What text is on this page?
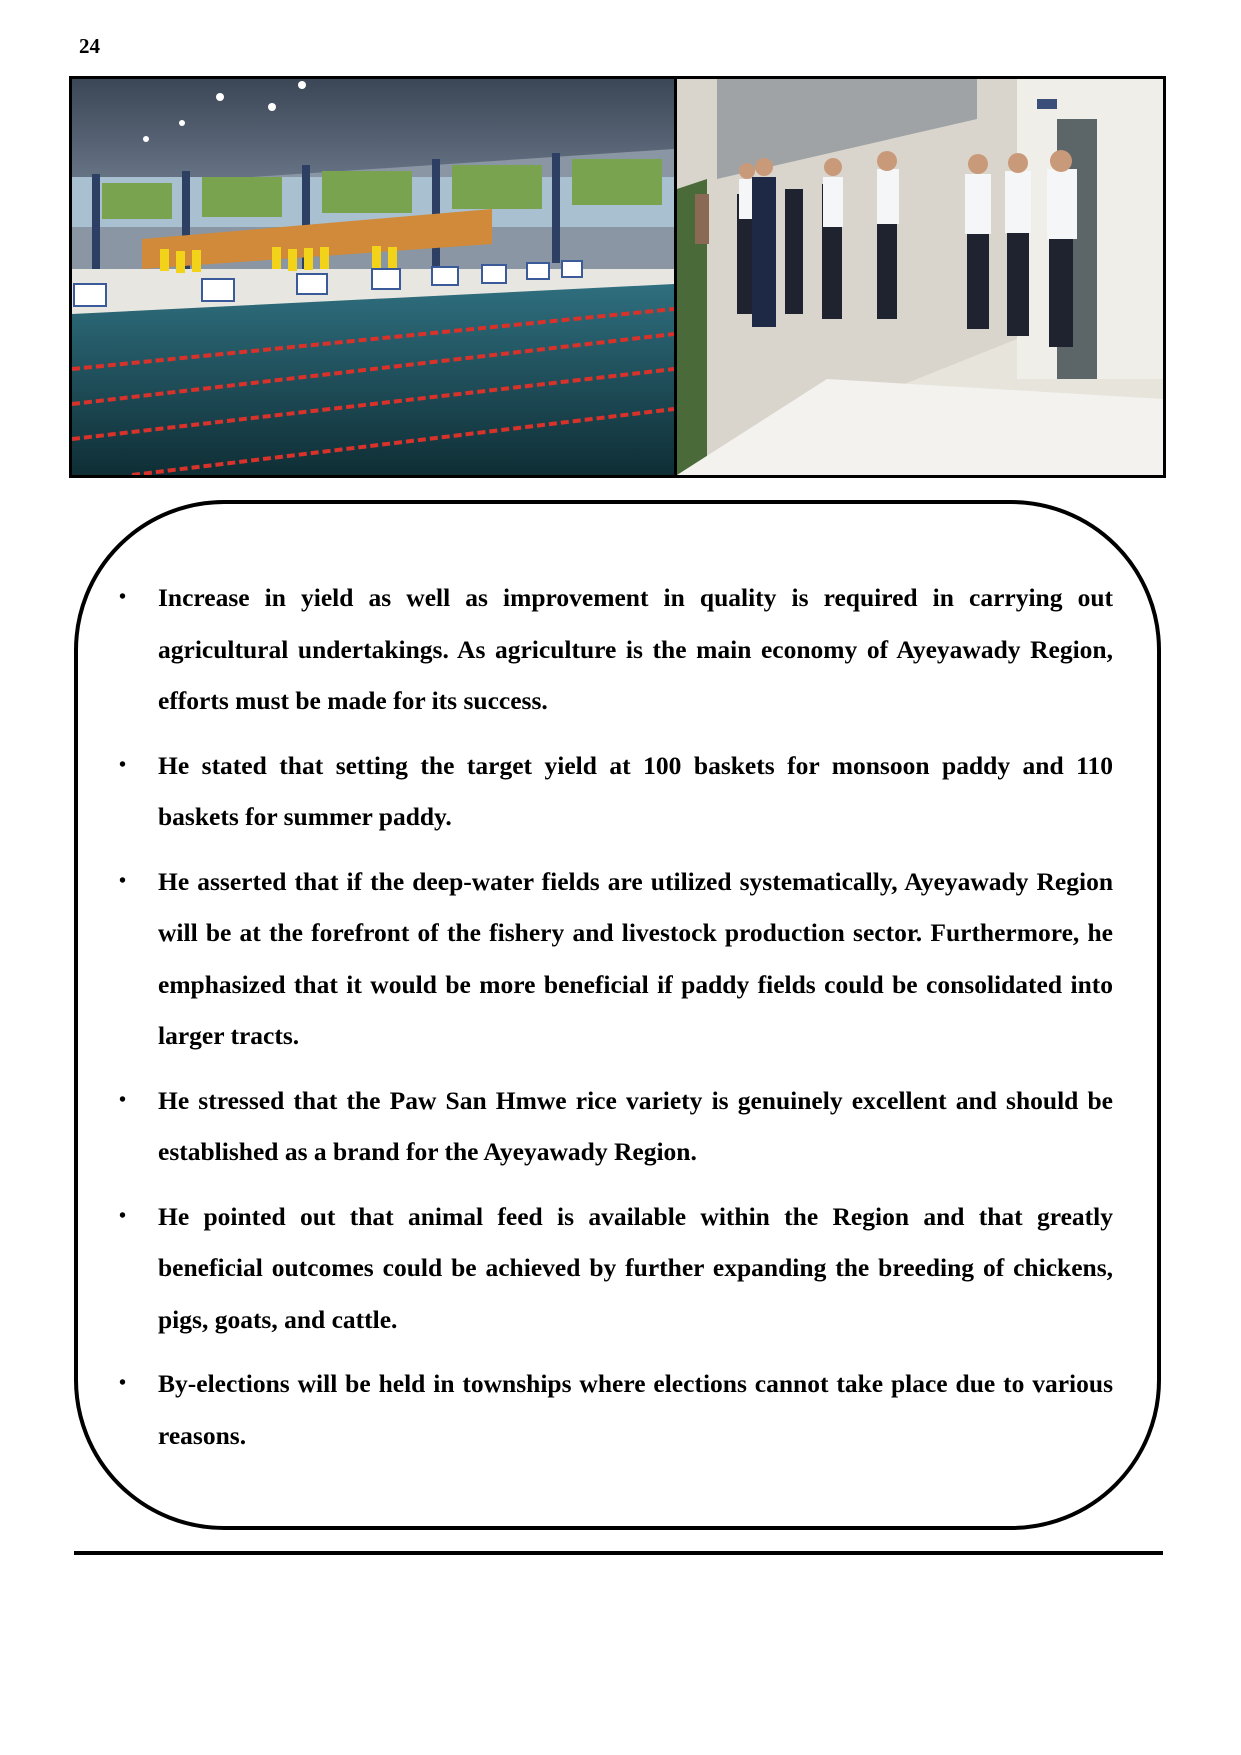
24
• Increase in yield as well as improvement in quality is required in carrying out agricultural undertakings. As agriculture is the main economy of Ayeyawady Region, efforts must be made for its success.
• He stated that setting the target yield at 100 baskets for monsoon paddy and 110 baskets for summer paddy.
• He asserted that if the deep-water fields are utilized systematically, Ayeyawady Region will be at the forefront of the fishery and livestock production sector. Furthermore, he emphasized that it would be more beneficial if paddy fields could be consolidated into larger tracts.
• He stressed that the Paw San Hmwe rice variety is genuinely excellent and should be established as a brand for the Ayeyawady Region.
• He pointed out that animal feed is available within the Region and that greatly beneficial outcomes could be achieved by further expanding the breeding of chickens, pigs, goats, and cattle.
• By-elections will be held in townships where elections cannot take place due to various reasons.
